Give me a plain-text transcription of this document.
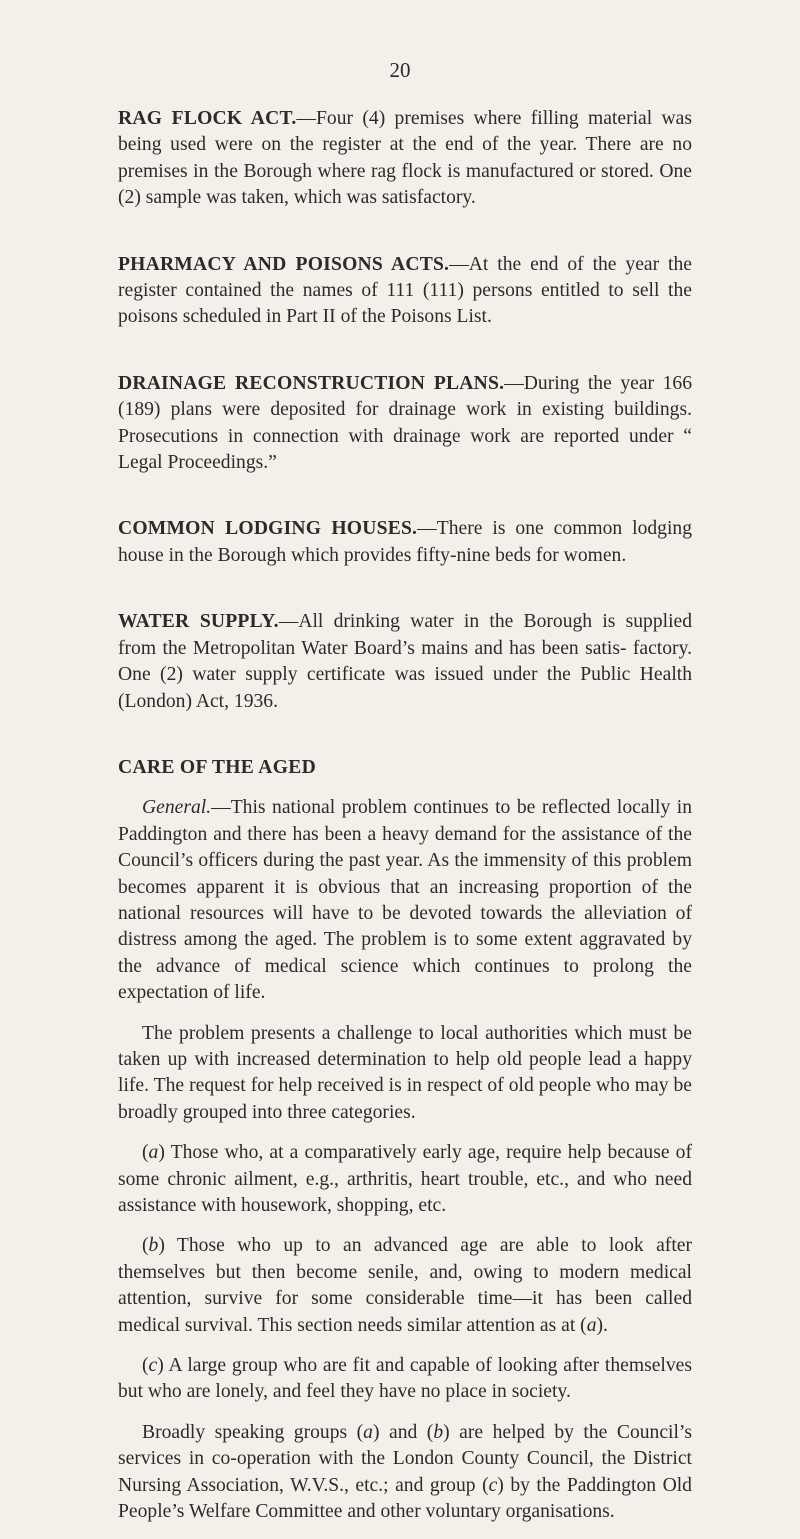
20

RAG FLOCK ACT.—Four (4) premises where filling material was being used were on the register at the end of the year. There are no premises in the Borough where rag flock is manufactured or stored. One (2) sample was taken, which was satisfactory.

PHARMACY AND POISONS ACTS.—At the end of the year the register contained the names of 111 (111) persons entitled to sell the poisons scheduled in Part II of the Poisons List.

DRAINAGE RECONSTRUCTION PLANS.—During the year 166 (189) plans were deposited for drainage work in existing buildings. Prosecutions in connection with drainage work are reported under “ Legal Proceedings.”

COMMON LODGING HOUSES.—There is one common lodging house in the Borough which provides fifty-nine beds for women.

WATER SUPPLY.—All drinking water in the Borough is supplied from the Metropolitan Water Board’s mains and has been satis- factory. One (2) water supply certificate was issued under the Public Health (London) Act, 1936.

CARE OF THE AGED

General.—This national problem continues to be reflected locally in Paddington and there has been a heavy demand for the assistance of the Council’s officers during the past year. As the immensity of this problem becomes apparent it is obvious that an increasing proportion of the national resources will have to be devoted towards the alleviation of distress among the aged. The problem is to some extent aggravated by the advance of medical science which continues to prolong the expectation of life.

The problem presents a challenge to local authorities which must be taken up with increased determination to help old people lead a happy life. The request for help received is in respect of old people who may be broadly grouped into three categories.

(a) Those who, at a comparatively early age, require help because of some chronic ailment, e.g., arthritis, heart trouble, etc., and who need assistance with housework, shopping, etc.

(b) Those who up to an advanced age are able to look after themselves but then become senile, and, owing to modern medical attention, survive for some considerable time—it has been called medical survival. This section needs similar attention as at (a).

(c) A large group who are fit and capable of looking after themselves but who are lonely, and feel they have no place in society.

Broadly speaking groups (a) and (b) are helped by the Council’s services in co-operation with the London County Council, the District Nursing Association, W.V.S., etc.; and group (c) by the Paddington Old People’s Welfare Committee and other voluntary organisations.
